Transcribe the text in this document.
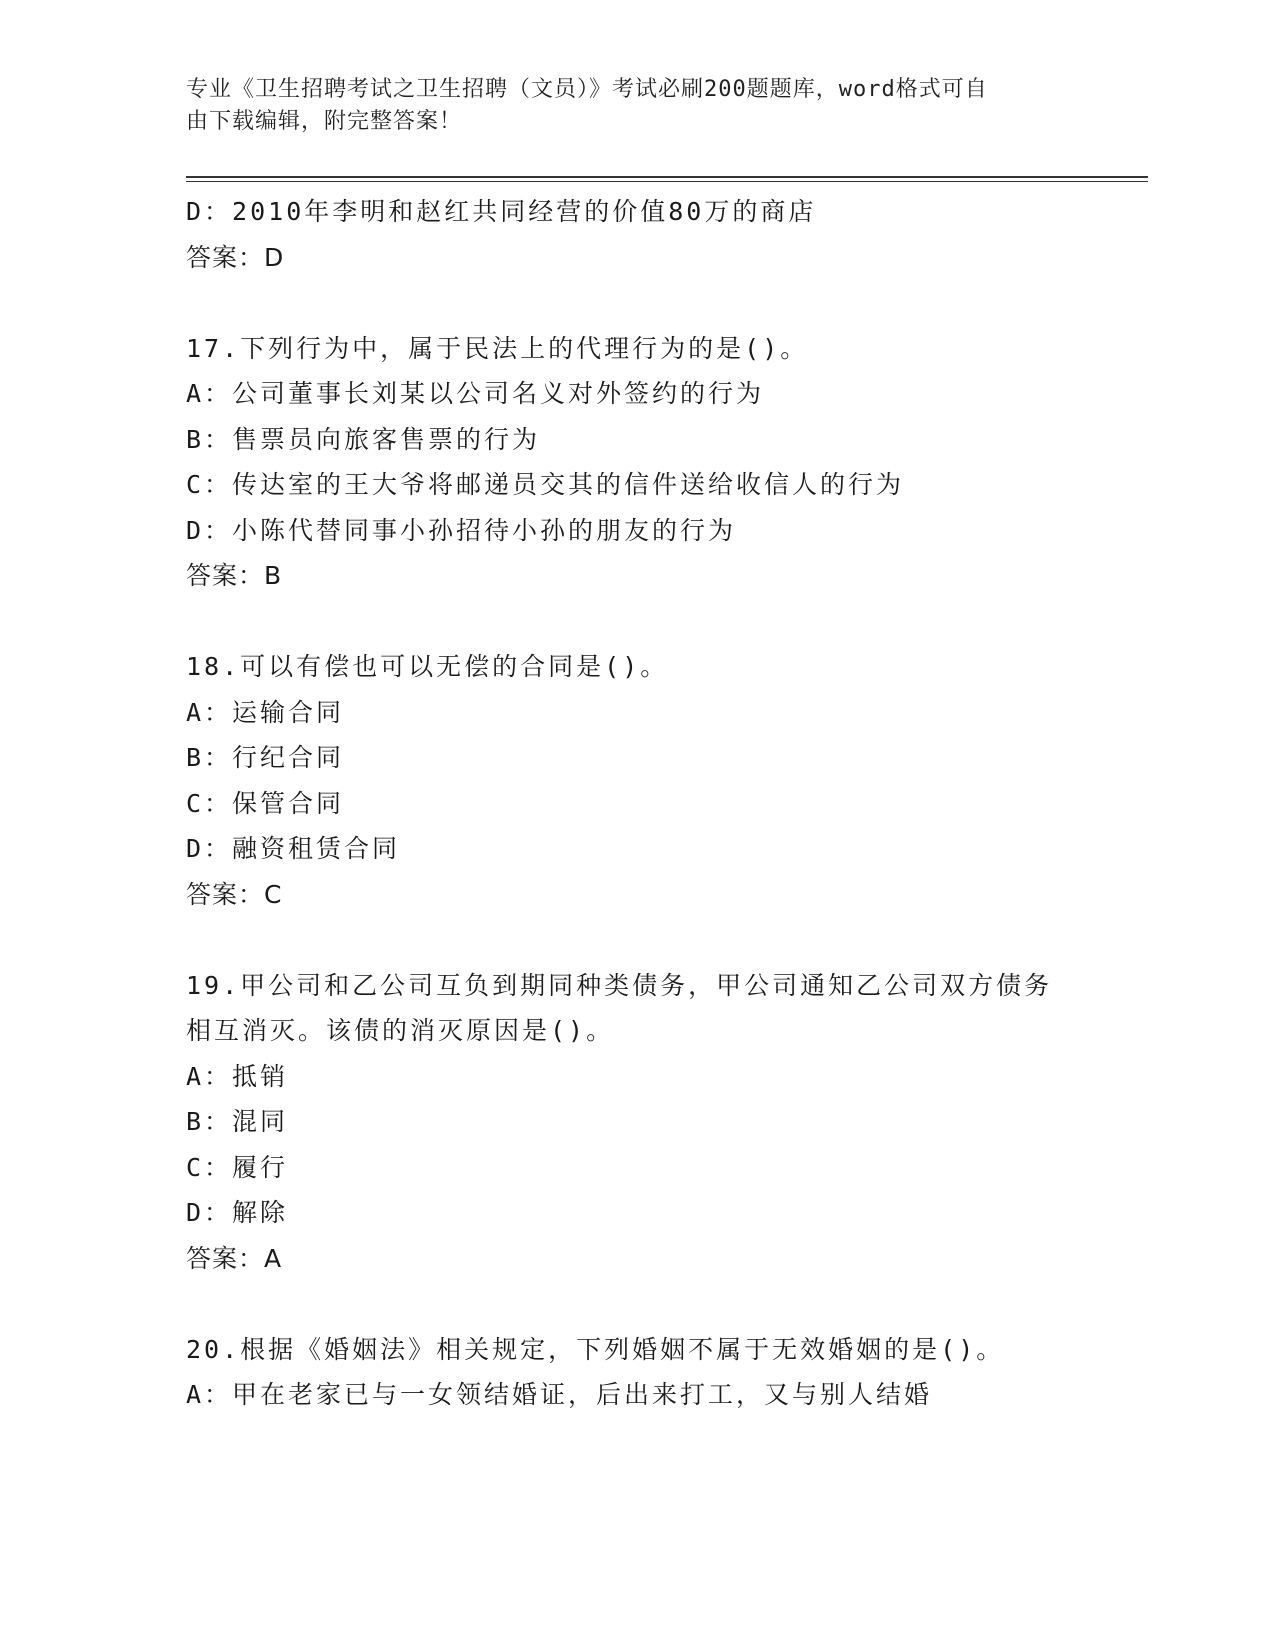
专业《卫生招聘考试之卫生招聘（文员）》考试必刷200题题库，word格式可自
由下载编辑，附完整答案！
D：2010年李明和赵红共同经营的价值80万的商店
答案：D
17.下列行为中，属于民法上的代理行为的是()。
A：公司董事长刘某以公司名义对外签约的行为
B：售票员向旅客售票的行为
C：传达室的王大爷将邮递员交其的信件送给收信人的行为
D：小陈代替同事小孙招待小孙的朋友的行为
答案：B
18.可以有偿也可以无偿的合同是()。
A：运输合同
B：行纪合同
C：保管合同
D：融资租赁合同
答案：C
19.甲公司和乙公司互负到期同种类债务，甲公司通知乙公司双方债务
相互消灭。该债的消灭原因是()。
A：抵销
B：混同
C：履行
D：解除
答案：A
20.根据《婚姻法》相关规定，下列婚姻不属于无效婚姻的是()。
A：甲在老家已与一女领结婚证，后出来打工，又与别人结婚
